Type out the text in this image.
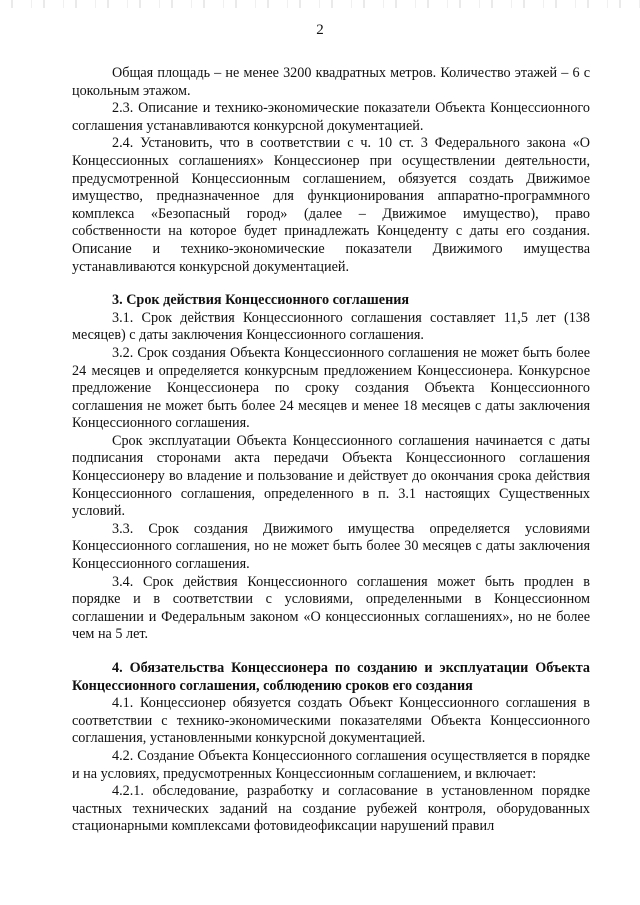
2

Общая площадь – не менее 3200 квадратных метров. Количество этажей – 6 с цокольным этажом.

2.3. Описание и технико-экономические показатели Объекта Концессионного соглашения устанавливаются конкурсной документацией.

2.4. Установить, что в соответствии с ч. 10 ст. 3 Федерального закона «О Концессионных соглашениях» Концессионер при осуществлении деятельности, предусмотренной Концессионным соглашением, обязуется создать Движимое имущество, предназначенное для функционирования аппаратно-программного комплекса «Безопасный город» (далее – Движимое имущество), право собственности на которое будет принадлежать Концеденту с даты его создания. Описание и технико-экономические показатели Движимого имущества устанавливаются конкурсной документацией.

3. Срок действия Концессионного соглашения

3.1. Срок действия Концессионного соглашения составляет 11,5 лет (138 месяцев) с даты заключения Концессионного соглашения.

3.2. Срок создания Объекта Концессионного соглашения не может быть более 24 месяцев и определяется конкурсным предложением Концессионера. Конкурсное предложение Концессионера по сроку создания Объекта Концессионного соглашения не может быть более 24 месяцев и менее 18 месяцев с даты заключения Концессионного соглашения.

Срок эксплуатации Объекта Концессионного соглашения начинается с даты подписания сторонами акта передачи Объекта Концессионного соглашения Концессионеру во владение и пользование и действует до окончания срока действия Концессионного соглашения, определенного в п. 3.1 настоящих Существенных условий.

3.3. Срок создания Движимого имущества определяется условиями Концессионного соглашения, но не может быть более 30 месяцев с даты заключения Концессионного соглашения.

3.4. Срок действия Концессионного соглашения может быть продлен в порядке и в соответствии с условиями, определенными в Концессионном соглашении и Федеральным законом «О концессионных соглашениях», но не более чем на 5 лет.

4. Обязательства Концессионера по созданию и эксплуатации Объекта Концессионного соглашения, соблюдению сроков его создания

4.1. Концессионер обязуется создать Объект Концессионного соглашения в соответствии с технико-экономическими показателями Объекта Концессионного соглашения, установленными конкурсной документацией.

4.2. Создание Объекта Концессионного соглашения осуществляется в порядке и на условиях, предусмотренных Концессионным соглашением, и включает:

4.2.1. обследование, разработку и согласование в установленном порядке частных технических заданий на создание рубежей контроля, оборудованных стационарными комплексами фотовидеофиксации нарушений правил
